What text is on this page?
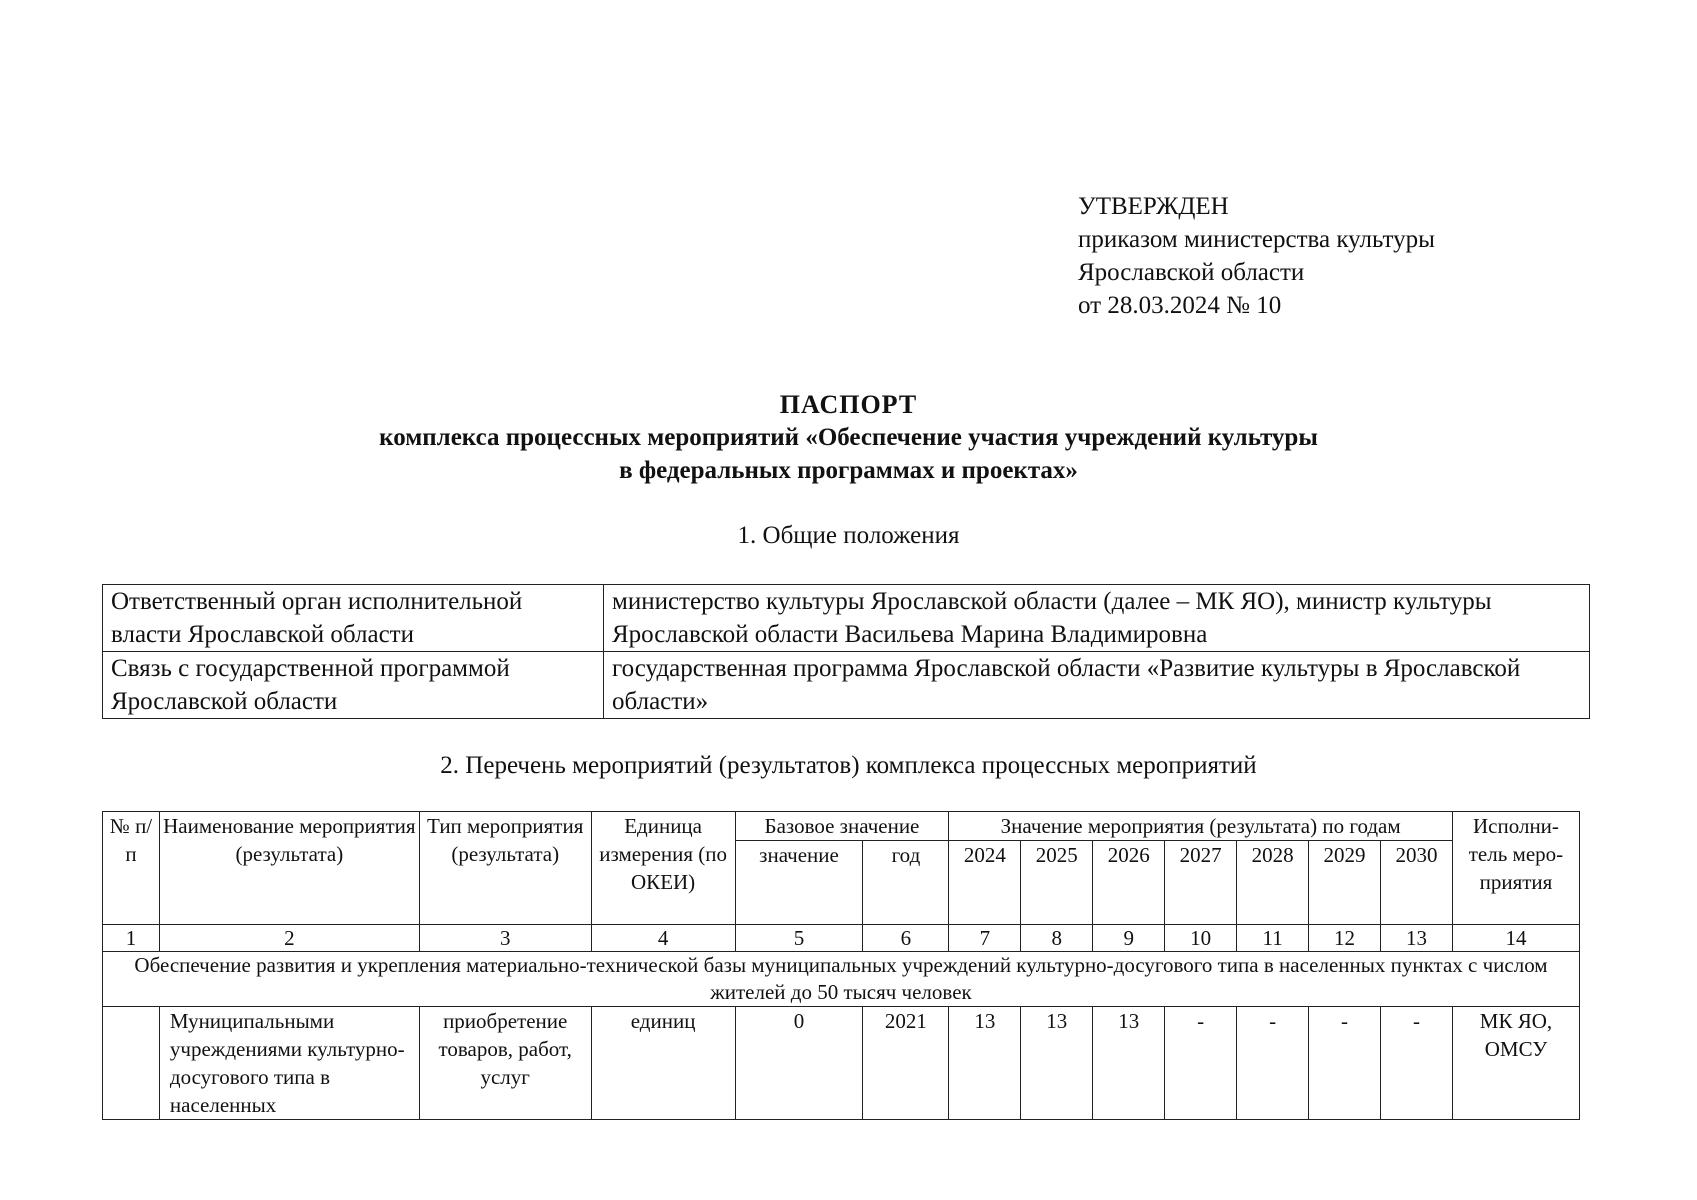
УТВЕРЖДЕН
приказом министерства культуры
Ярославской области
от 28.03.2024 № 10
ПАСПОРТ
комплекса процессных мероприятий «Обеспечение участия учреждений культуры
в федеральных программах и проектах»
1. Общие положения
Ответственный орган исполнительной власти Ярославской области	министерство культуры Ярославской области (далее – МК ЯО), министр культуры Ярославской области Васильева Марина Владимировна
Связь с государственной программой Ярославской области	государственная программа Ярославской области «Развитие культуры в Ярославской области»
2. Перечень мероприятий (результатов) комплекса процессных мероприятий
№ п/п	Наименование мероприятия (результата)	Тип мероприятия (результата)	Единица измерения (по ОКЕИ)	Базовое значение		Значение мероприятия (результата) по годам							Исполни-тель меро-приятия
				значение	год	2024	2025	2026	2027	2028	2029	2030	
1	2	3	4	5	6	7	8	9	10	11	12	13	14
Обеспечение развития и укрепления материально-технической базы муниципальных учреждений культурно-досугового типа в населенных пунктах с числом жителей до 50 тысяч человек													
	Муниципальными учреждениями культурно-досугового типа в населенных	приобретение товаров, работ, услуг	единиц	0	2021	13	13	13	-	-	-	-	МК ЯО, ОМСУ
